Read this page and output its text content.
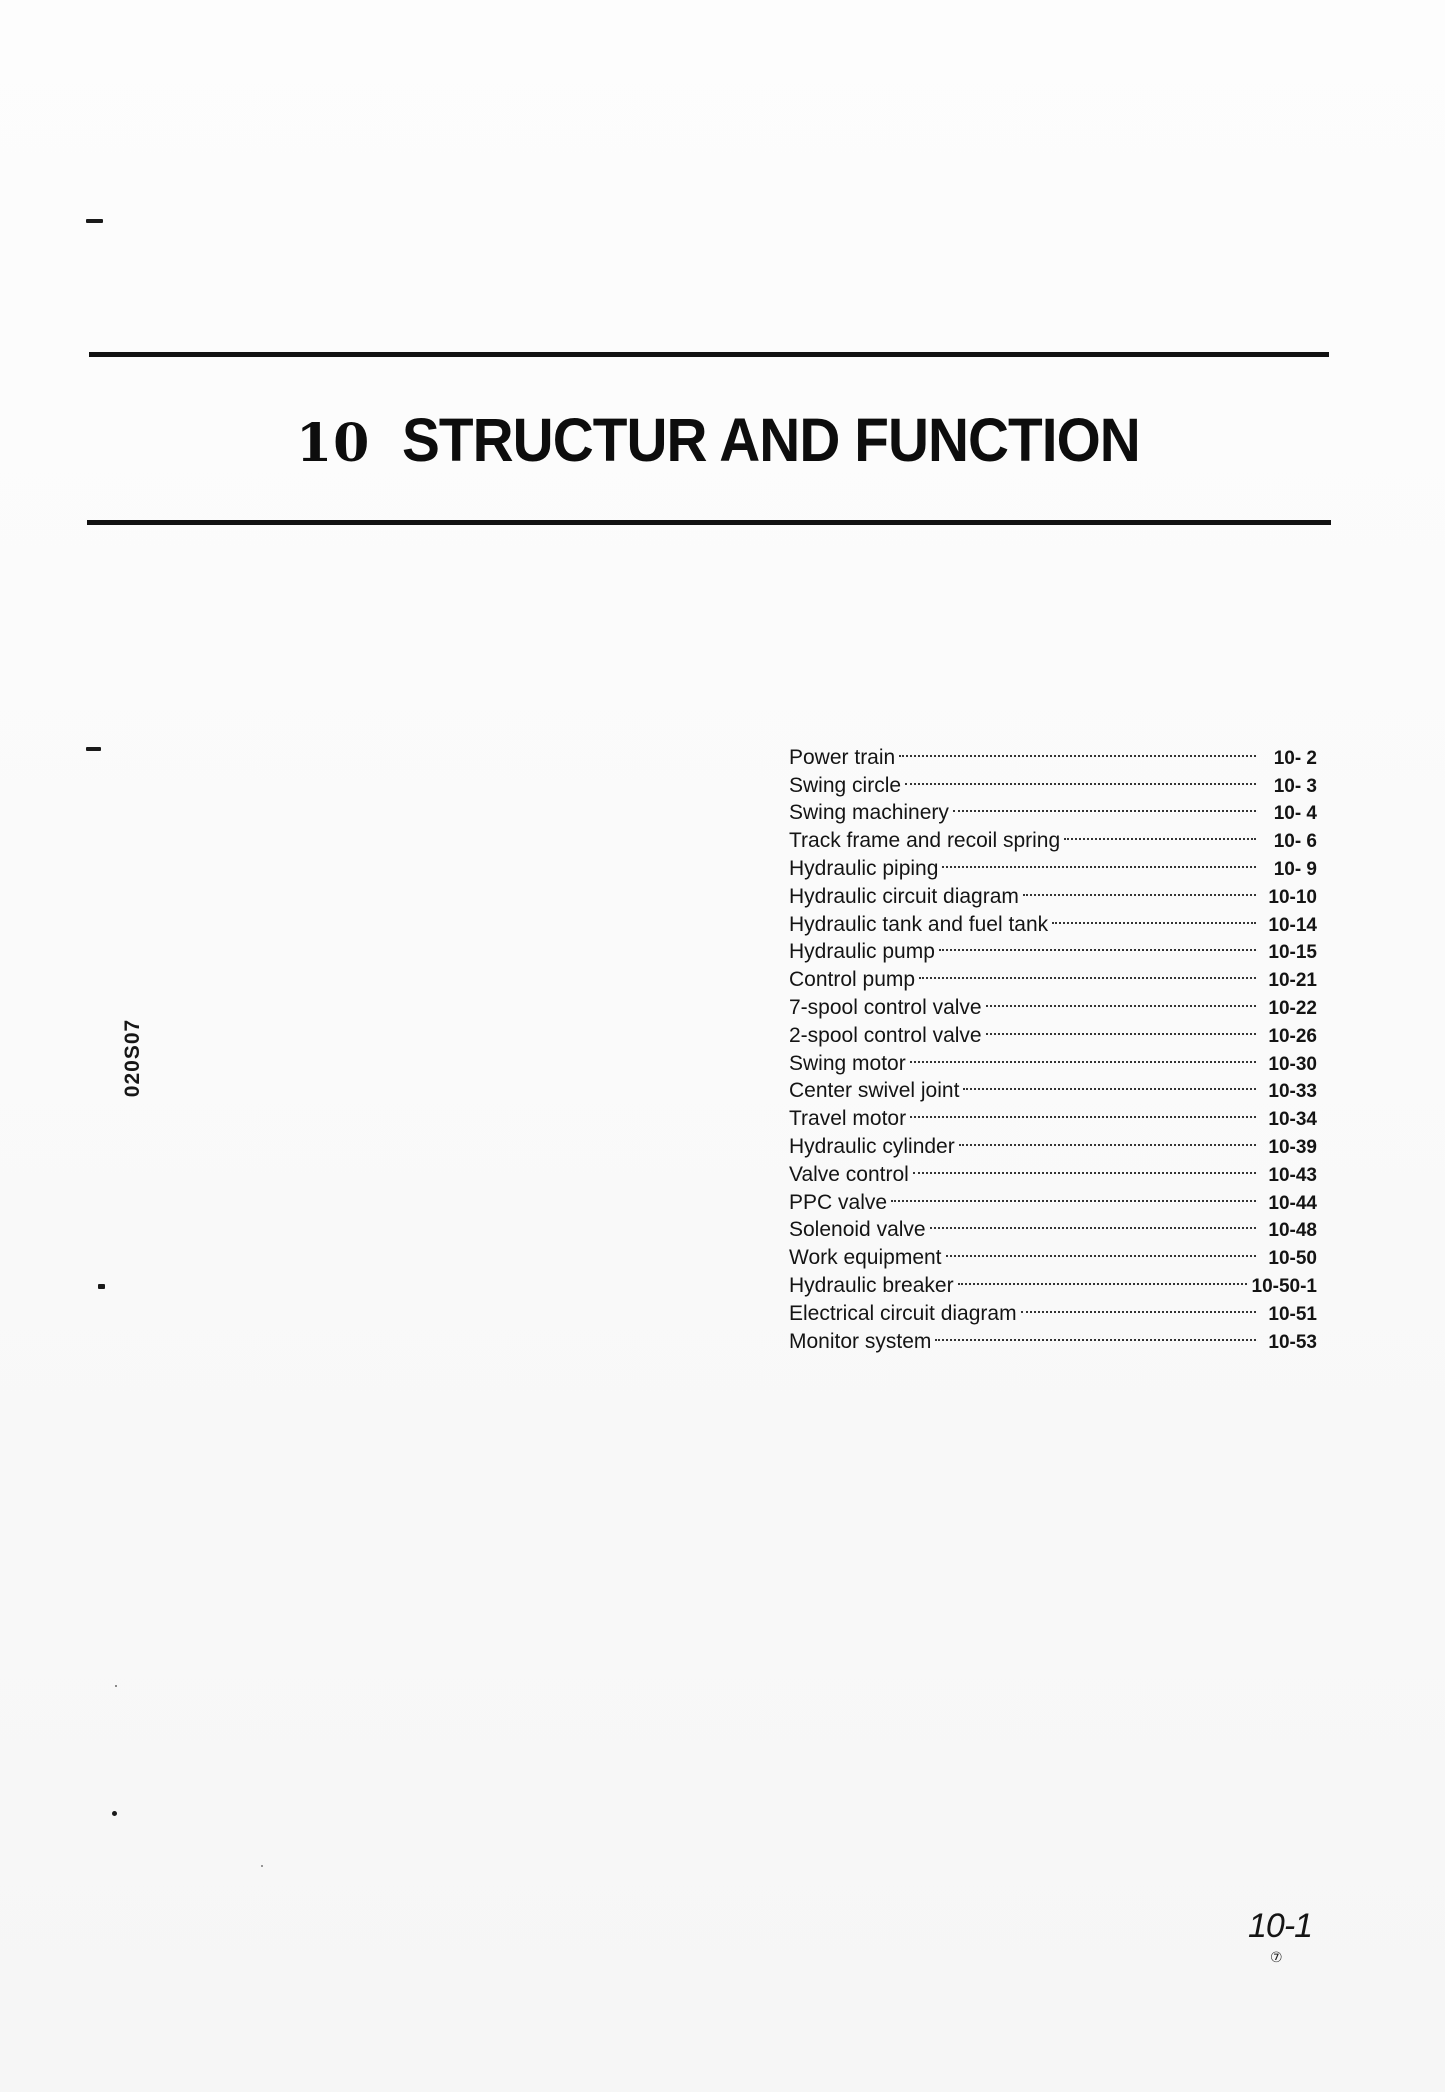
10 STRUCTUR AND FUNCTION
020S07
Power train	10- 2
Swing circle	10- 3
Swing machinery	10- 4
Track frame and recoil spring	10- 6
Hydraulic piping	10- 9
Hydraulic circuit diagram	10-10
Hydraulic tank and fuel tank	10-14
Hydraulic pump	10-15
Control pump	10-21
7-spool control valve	10-22
2-spool control valve	10-26
Swing motor	10-30
Center swivel joint	10-33
Travel motor	10-34
Hydraulic cylinder	10-39
Valve control	10-43
PPC valve	10-44
Solenoid valve	10-48
Work equipment	10-50
Hydraulic breaker	10-50-1
Electrical circuit diagram	10-51
Monitor system	10-53
10-1
⑦
